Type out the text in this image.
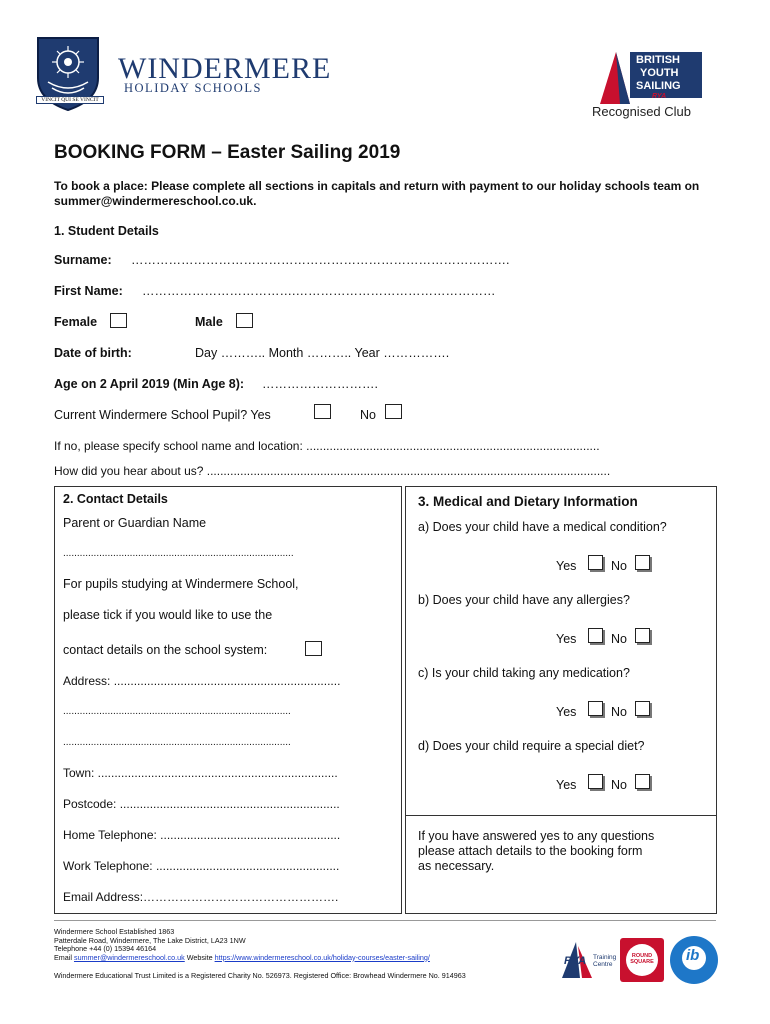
VINCIT QUI SE VINCIT
WINDERMERE
HOLIDAY SCHOOLS
BRITISH
YOUTH
SAILING
RYA
Recognised Club
BOOKING FORM – Easter Sailing 2019
To book a place: Please complete all sections in capitals and return with payment to our holiday schools team on summer@windermereschool.co.uk.
1. Student Details
Surname: ……………………………………………………………………………….
First Name: ……………………………….…………………………………………
Female	Male
Date of birth:	Day ……….. Month ……….. Year …………….
Age on 2 April 2019 (Min Age 8): ……………………….
Current Windermere School Pupil? Yes	No
If no, please specify school name and location: ........................................................................................
How did you hear about us? .........................................................................................................................
2. Contact Details
Parent or Guardian Name
...................................................................................
For pupils studying at Windermere School,
please tick if you would like to use the
contact details on the school system:
Address: ....................................................................
..................................................................................
..................................................................................
Town: ........................................................................
Postcode: ..................................................................
Home Telephone: ......................................................
Work Telephone: .......................................................
Email Address:………………………………………….
3. Medical and Dietary Information
a) Does your child have a medical condition?
Yes	No
b) Does your child have any allergies?
Yes	No
c) Is your child taking any medication?
Yes	No
d) Does your child require a special diet?
Yes	No
If you have answered yes to any questions
please attach details to the booking form
as necessary.
Windermere School Established 1863
Patterdale Road, Windermere, The Lake District, LA23 1NW
Telephone +44 (0) 15394 46164
Email summer@windermereschool.co.uk Website https://www.windermereschool.co.uk/holiday-courses/easter-sailing/
Windermere Educational Trust Limited is a Registered Charity No. 526973. Registered Office: Browhead Windermere No. 914963
RYA Training
Centre
ROUND
SQUARE ib
